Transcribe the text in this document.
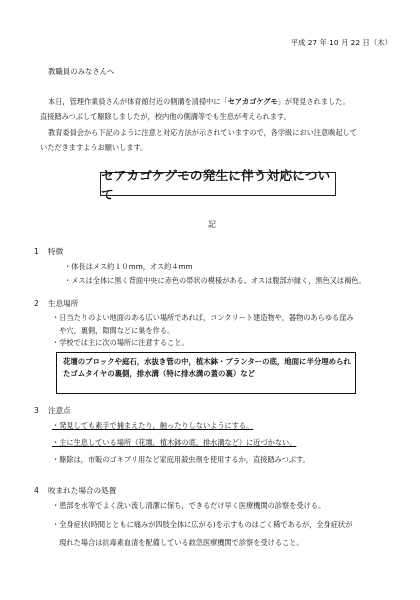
平成 27 年 10 月 22 日（木）
教職員のみなさんへ
本日，管理作業員さんが体育館付近の側溝を清掃中に「セアカゴケグモ」が発見されました。
直接踏みつぶして駆除しましたが，校内他の側溝等でも生息が考えられます。
教育委員会から下記のように注意と対応方法が示されていますので，各学級におい注意喚起して
いただきますようお願いします。
セアカゴケグモの発生に伴う対応について
記
1 特徴
・体長はメス約１０mm，オス約４mm
・メスは全体に黒く背面中央に赤色の帯状の模様がある。オスは腹部が縁く，黒色又は褐色。
2 生息場所
・日当たりのよい地面のある広い場所であれば，コンクリート建造物や，器物のあらゆる窪み
　や穴，裏側，隙間などに巣を作る。
・学校では主に次の場所に注意すること。
花壇のブロックや庭石，水抜き管の中，植木鉢・プランターの底，地面に半分埋められ
たゴムタイヤの裏側，排水溝（特に排水溝の蓋の裏）など
3 注意点
・発見しても素手で捕まえたり，触ったりしないようにする。
・主に生息している場所（花壇，植木鉢の底，排水溝など）に近づかない。
・駆除は，市販のゴキブリ用など家庭用殺虫剤を使用するか，直接踏みつぶす。
4 咬まれた場合の処置
・患部を水等でよく洗い流し清潔に保ち，できるだけ早く医療機関の診察を受ける。
・全身症状(時間とともに痛みが四肢全体に広がる)を示すものはごく稀であるが，全身症状が
　現れた場合は抗毒素血清を配備している救急医療機関で診察を受けること。
